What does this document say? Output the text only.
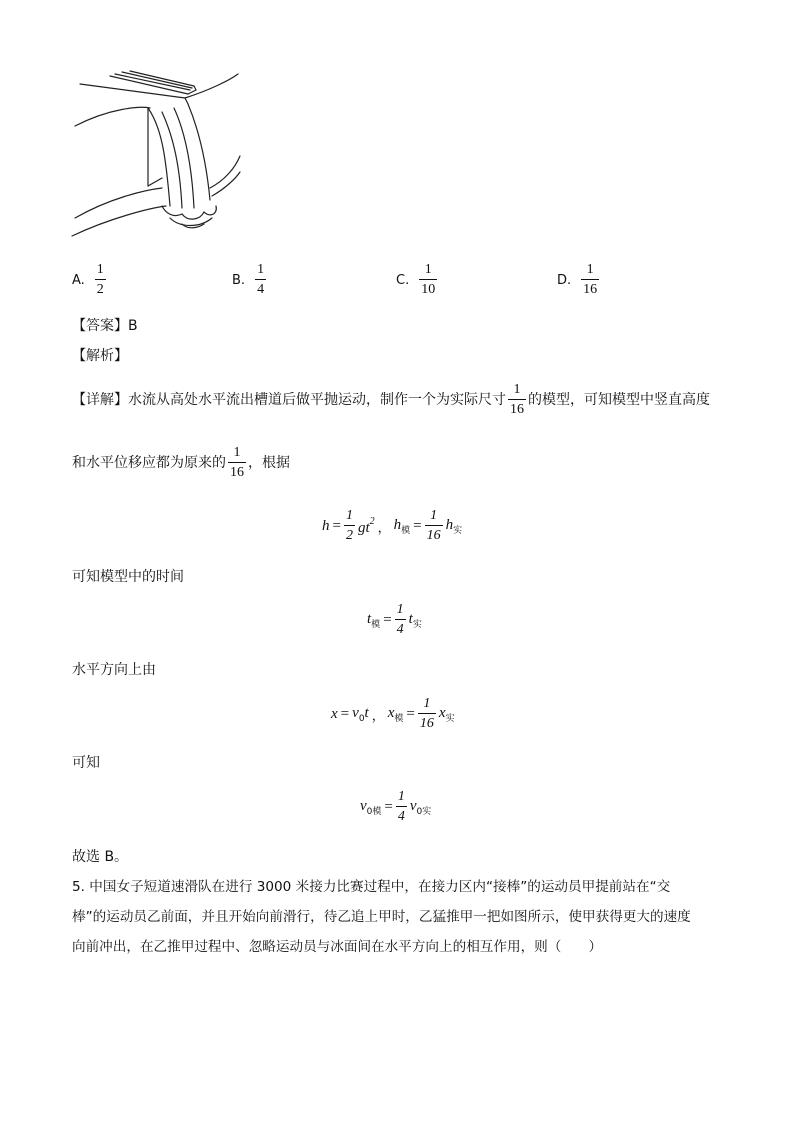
A. $\frac{1}{2}$	B. $\frac{1}{4}$	C. $\frac{1}{10}$	D. $\frac{1}{16}$
【答案】B
【解析】
【详解】 水流从高处水平流出槽道后做平抛运动，制作一个为实际尺寸 $\frac{1}{16}$ 的模型，可知模型中竖直高度
和水平位移应都为原来的 $\frac{1}{16}$ ，根据
$h = \frac{1}{2} gt^2$ ， $h_模 = \frac{1}{16} h_实$
可知模型中的时间
$t_模 = \frac{1}{4} t_实$
水平方向上由
$x = v_0t$ ， $x_模 = \frac{1}{16} x_实$
可知
$v_{0模} = \frac{1}{4} v_{0实}$
故选 B。
5. 中国女子短道速滑队在进行 3000 米接力比赛过程中，在接力区内“接棒”的运动员甲提前站在“交
棒”的运动员乙前面，并且开始向前滑行，待乙追上甲时，乙猛推甲一把如图所示，使甲获得更大的速度
向前冲出，在乙推甲过程中、忽略运动员与冰面间在水平方向上的相互作用，则（　　）
